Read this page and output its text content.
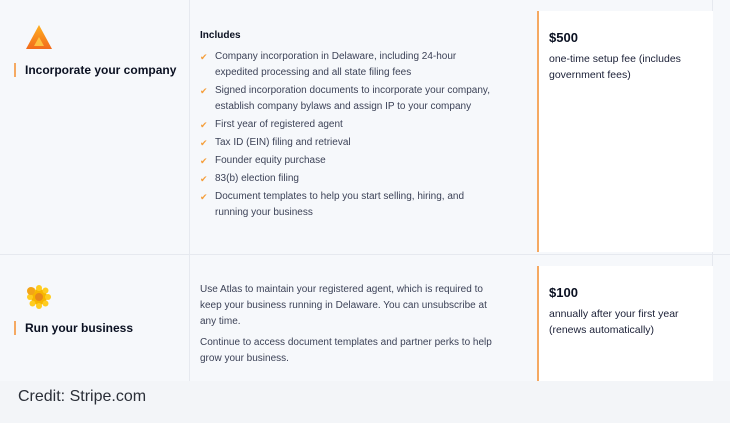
Incorporate your company
Includes
✔ Company incorporation in Delaware, including 24-hour expedited processing and all state filing fees
✔ Signed incorporation documents to incorporate your company, establish company bylaws and assign IP to your company
✔ First year of registered agent
✔ Tax ID (EIN) filing and retrieval
✔ Founder equity purchase
✔ 83(b) election filing
✔ Document templates to help you start selling, hiring, and running your business
$500
one-time setup fee (includes government fees)
Run your business
Use Atlas to maintain your registered agent, which is required to keep your business running in Delaware. You can unsubscribe at any time.
Continue to access document templates and partner perks to help grow your business.
$100
annually after your first year (renews automatically)
Credit: Stripe.com
